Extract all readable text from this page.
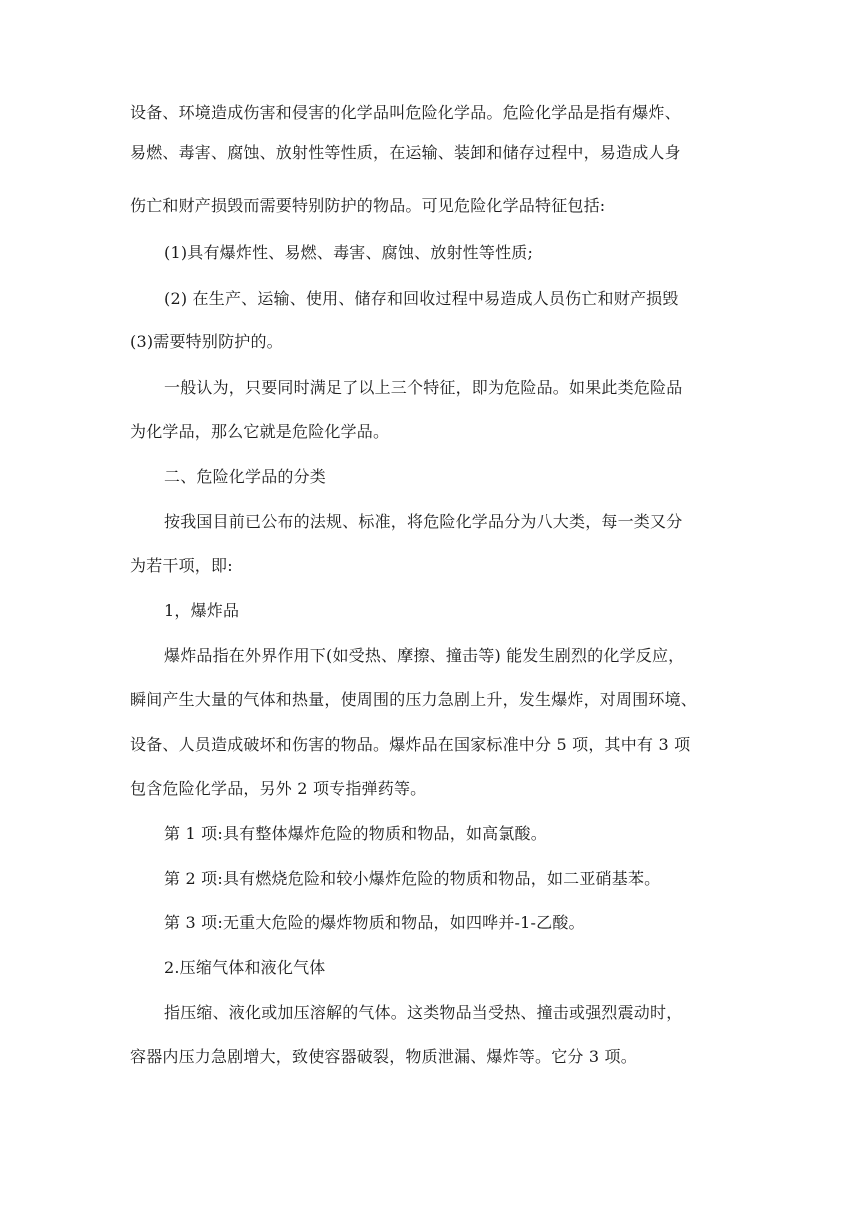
设备、环境造成伤害和侵害的化学品叫危险化学品。危险化学品是指有爆炸、
易燃、毒害、腐蚀、放射性等性质，在运输、装卸和储存过程中，易造成人身
伤亡和财产损毁而需要特别防护的物品。可见危险化学品特征包括:
(1)具有爆炸性、易燃、毒害、腐蚀、放射性等性质;
(2) 在生产、运输、使用、储存和回收过程中易造成人员伤亡和财产损毁
(3)需要特别防护的。
一般认为，只要同时满足了以上三个特征，即为危险品。如果此类危险品
为化学品，那么它就是危险化学品。
二、危险化学品的分类
按我国目前已公布的法规、标准，将危险化学品分为八大类，每一类又分
为若干项，即:
1，爆炸品
爆炸品指在外界作用下(如受热、摩擦、撞击等) 能发生剧烈的化学反应，
瞬间产生大量的气体和热量，使周围的压力急剧上升，发生爆炸，对周围环境、
设备、人员造成破坏和伤害的物品。爆炸品在国家标准中分 5 项，其中有 3 项
包含危险化学品，另外 2 项专指弹药等。
第 1 项:具有整体爆炸危险的物质和物品，如高氯酸。
第 2 项:具有燃烧危险和较小爆炸危险的物质和物品，如二亚硝基苯。
第 3 项:无重大危险的爆炸物质和物品，如四哗并-1-乙酸。
2.压缩气体和液化气体
指压缩、液化或加压溶解的气体。这类物品当受热、撞击或强烈震动时，
容器内压力急剧增大，致使容器破裂，物质泄漏、爆炸等。它分 3 项。
